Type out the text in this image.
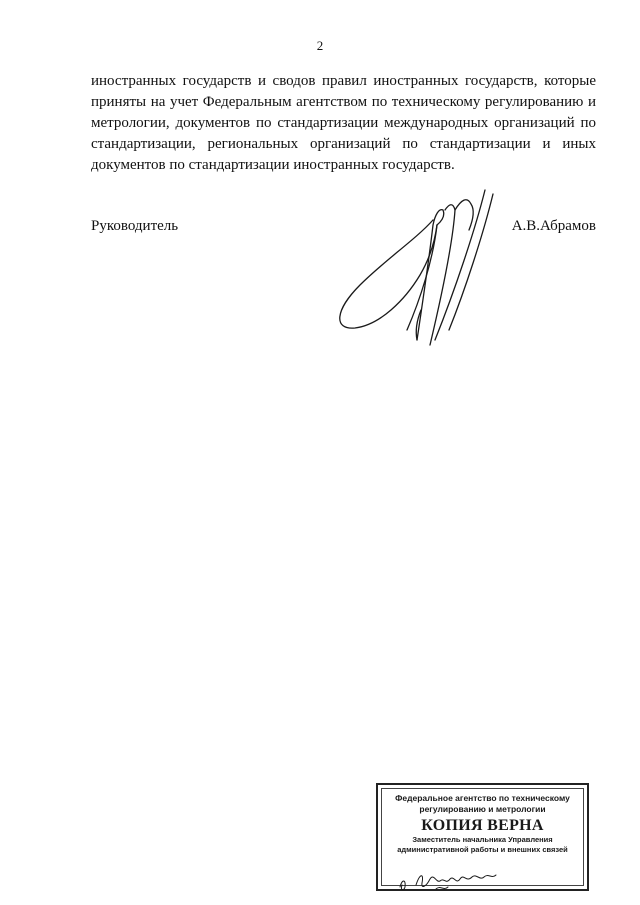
2

иностранных государств и сводов правил иностранных государств, которые
приняты на учет Федеральным агентством по техническому регулированию и
метрологии, документов по стандартизации международных организаций по
стандартизации, региональных организаций по стандартизации и иных
документов по стандартизации иностранных государств.

Руководитель	А.В.Абрамов
Федеральное агентство по техническому
регулированию и метрологии
КОПИЯ ВЕРНА
Заместитель начальника Управления
административной работы и внешних связей
